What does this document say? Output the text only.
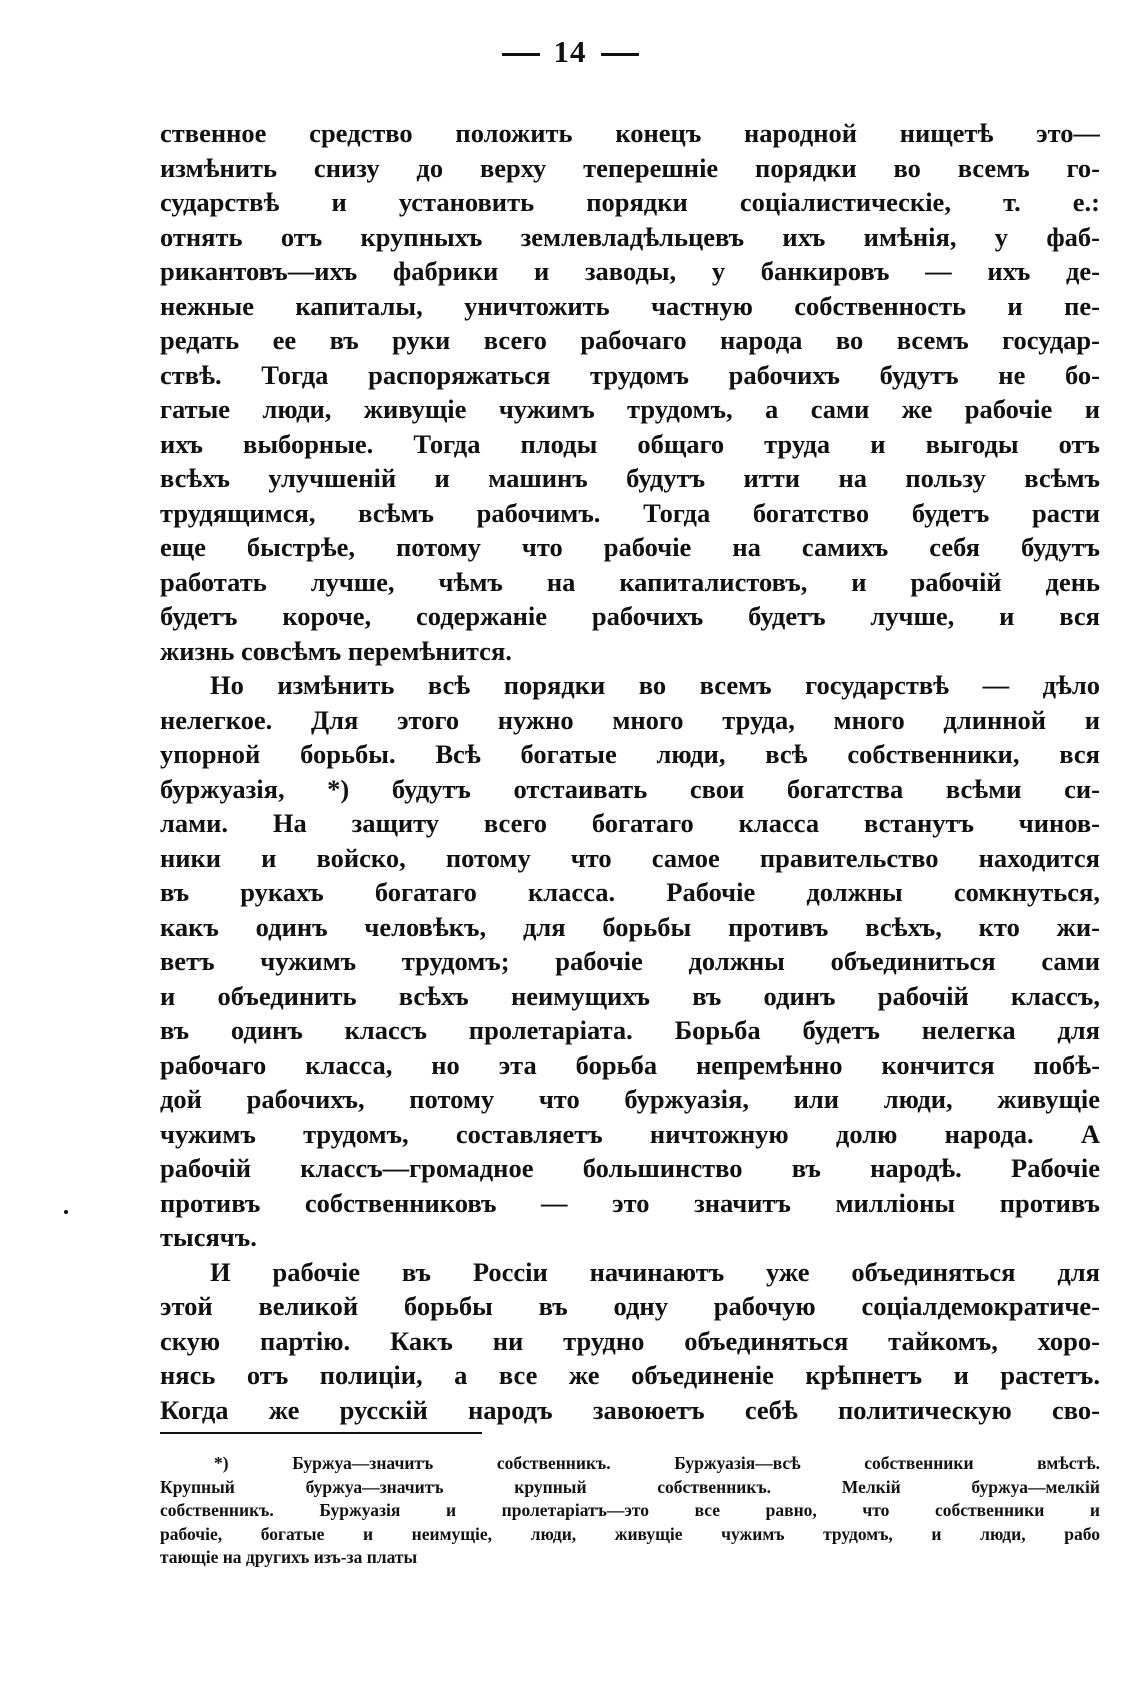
14
ственное средство положить конецъ народной нищетѣ это—
измѣнить снизу до верху теперешніе порядки во всемъ го-
сударствѣ и установить порядки соціалистическіе, т. е.:
отнять отъ крупныхъ землевладѣльцевъ ихъ имѣнія, у фаб-
рикантовъ—ихъ фабрики и заводы, у банкировъ — ихъ де-
нежные капиталы, уничтожить частную собственность и пе-
редать ее въ руки всего рабочаго народа во всемъ государ-
ствѣ. Тогда распоряжаться трудомъ рабочихъ будутъ не бо-
гатые люди, живущіе чужимъ трудомъ, а сами же рабочіе и
ихъ выборные. Тогда плоды общаго труда и выгоды отъ
всѣхъ улучшеній и машинъ будутъ итти на пользу всѣмъ
трудящимся, всѣмъ рабочимъ. Тогда богатство будетъ расти
еще быстрѣе, потому что рабочіе на самихъ себя будутъ
работать лучше, чѣмъ на капиталистовъ, и рабочій день
будетъ короче, содержаніе рабочихъ будетъ лучше, и вся
жизнь совсѣмъ перемѣнится.
Но измѣнить всѣ порядки во всемъ государствѣ — дѣло
нелегкое. Для этого нужно много труда, много длинной и
упорной борьбы. Всѣ богатые люди, всѣ собственники, вся
буржуазія, *) будутъ отстаивать свои богатства всѣми си-
лами. На защиту всего богатаго класса встанутъ чинов-
ники и войско, потому что самое правительство находится
въ рукахъ богатаго класса. Рабочіе должны сомкнуться,
какъ одинъ человѣкъ, для борьбы противъ всѣхъ, кто жи-
ветъ чужимъ трудомъ; рабочіе должны объединиться сами
и объединить всѣхъ неимущихъ въ одинъ рабочій классъ,
въ одинъ классъ пролетаріата. Борьба будетъ нелегка для
рабочаго класса, но эта борьба непремѣнно кончится побѣ-
дой рабочихъ, потому что буржуазія, или люди, живущіе
чужимъ трудомъ, составляетъ ничтожную долю народа. А
рабочій классъ—громадное большинство въ народѣ. Рабочіе
противъ собственниковъ — это значитъ милліоны противъ
тысячъ.
И рабочіе въ Россіи начинаютъ уже объединяться для
этой великой борьбы въ одну рабочую соціалдемократиче-
скую партію. Какъ ни трудно объединяться тайкомъ, хоро-
нясь отъ полиціи, а все же объединеніе крѣпнетъ и растетъ.
Когда же русскій народъ завоюетъ себѣ политическую сво-
*) Буржуа—значитъ собственникъ. Буржуазія—всѣ собственники вмѣстѣ.
Крупный буржуа—значитъ крупный собственникъ. Мелкій буржуа—мелкій
собственникъ. Буржуазія и пролетаріатъ—это все равно, что собственники и
рабочіе, богатые и неимущіе, люди, живущіе чужимъ трудомъ, и люди, рабо
тающіе на другихъ изъ-за платы
